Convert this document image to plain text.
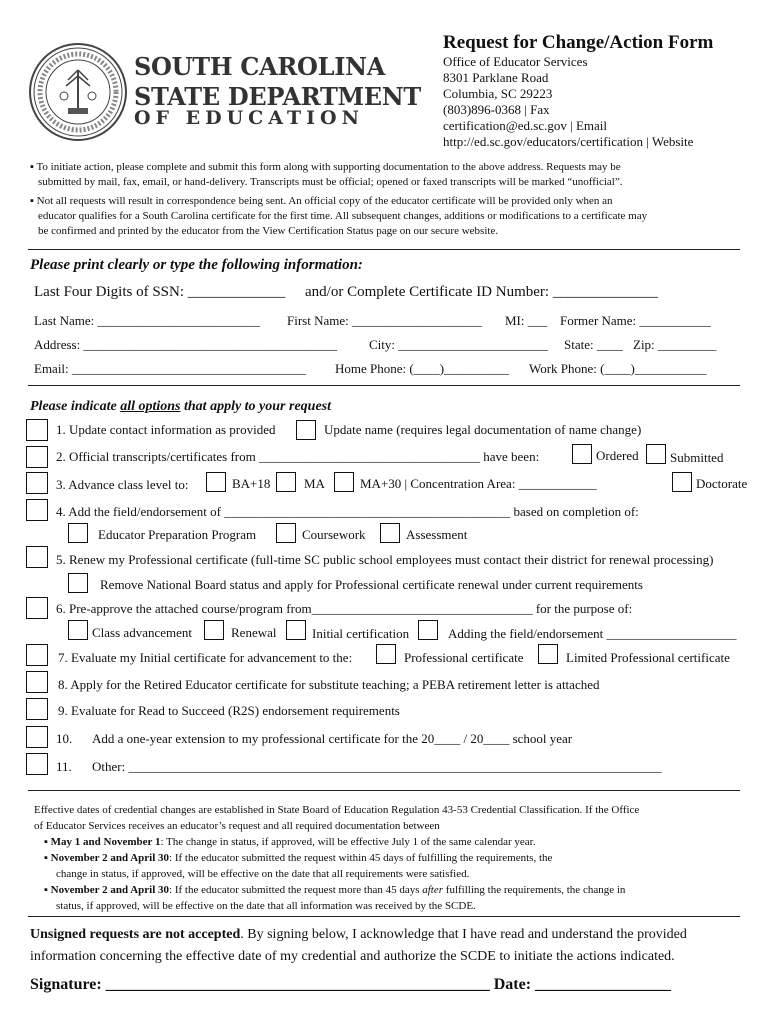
SOUTH CAROLINA
STATE DEPARTMENT
OF EDUCATION
Request for Change/Action Form
Office of Educator Services
8301 Parklane Road
Columbia, SC 29223
(803)896-0368 | Fax
certification@ed.sc.gov | Email
http://ed.sc.gov/educators/certification | Website
▪ To initiate action, please complete and submit this form along with supporting documentation to the above address. Requests may be
submitted by mail, fax, email, or hand-delivery. Transcripts must be official; opened or faxed transcripts will be marked “unofficial”.
▪ Not all requests will result in correspondence being sent. An official copy of the educator certificate will be provided only when an
educator qualifies for a South Carolina certificate for the first time. All subsequent changes, additions or modifications to a certificate may
be confirmed and printed by the educator from the View Certification Status page on our secure website.
Please print clearly or type the following information:
Last Four Digits of SSN: _____________ and/or Complete Certificate ID Number: ______________
Last Name: _________________________ First Name: ____________________ MI: ___ Former Name: ___________
Address: _______________________________________ City: _______________________ State: ____ Zip: _________
Email: ____________________________________ Home Phone: (____)__________ Work Phone: (____)___________
Please indicate all options that apply to your request
1. Update contact information as provided	Update name (requires legal documentation of name change)
2. Official transcripts/certificates from __________________________________ have been:	Ordered Submitted
3. Advance class level to:	BA+18	MA	MA+30 | Concentration Area: ____________	Doctorate
4. Add the field/endorsement of ____________________________________________ based on completion of:
Educator Preparation Program	Coursework	Assessment
5. Renew my Professional certificate (full-time SC public school employees must contact their district for renewal processing)
Remove National Board status and apply for Professional certificate renewal under current requirements
6. Pre-approve the attached course/program from__________________________________ for the purpose of:
Class advancement	Renewal	Initial certification	Adding the field/endorsement ____________________
7. Evaluate my Initial certificate for advancement to the:	Professional certificate	Limited Professional certificate
8. Apply for the Retired Educator certificate for substitute teaching; a PEBA retirement letter is attached
9. Evaluate for Read to Succeed (R2S) endorsement requirements
10. Add a one-year extension to my professional certificate for the 20____ / 20____ school year
11. Other: __________________________________________________________________________________

Effective dates of credential changes are established in State Board of Education Regulation 43-53 Credential Classification. If the Office

of Educator Services receives an educator’s request and all required documentation between

▪ May 1 and November 1: The change in status, if approved, will be effective July 1 of the same calendar year.

▪ November 2 and April 30: If the educator submitted the request within 45 days of fulfilling the requirements, the

change in status, if approved, will be effective on the date that all requirements were satisfied.

▪ November 2 and April 30: If the educator submitted the request more than 45 days after fulfilling the requirements, the change in

status, if approved, will be effective on the date that all information was received by the SCDE.

Unsigned requests are not accepted. By signing below, I acknowledge that I have read and understand the provided
information concerning the effective date of my credential and authorize the SCDE to initiate the actions indicated.
Signature: ________________________________________________ Date: _________________
